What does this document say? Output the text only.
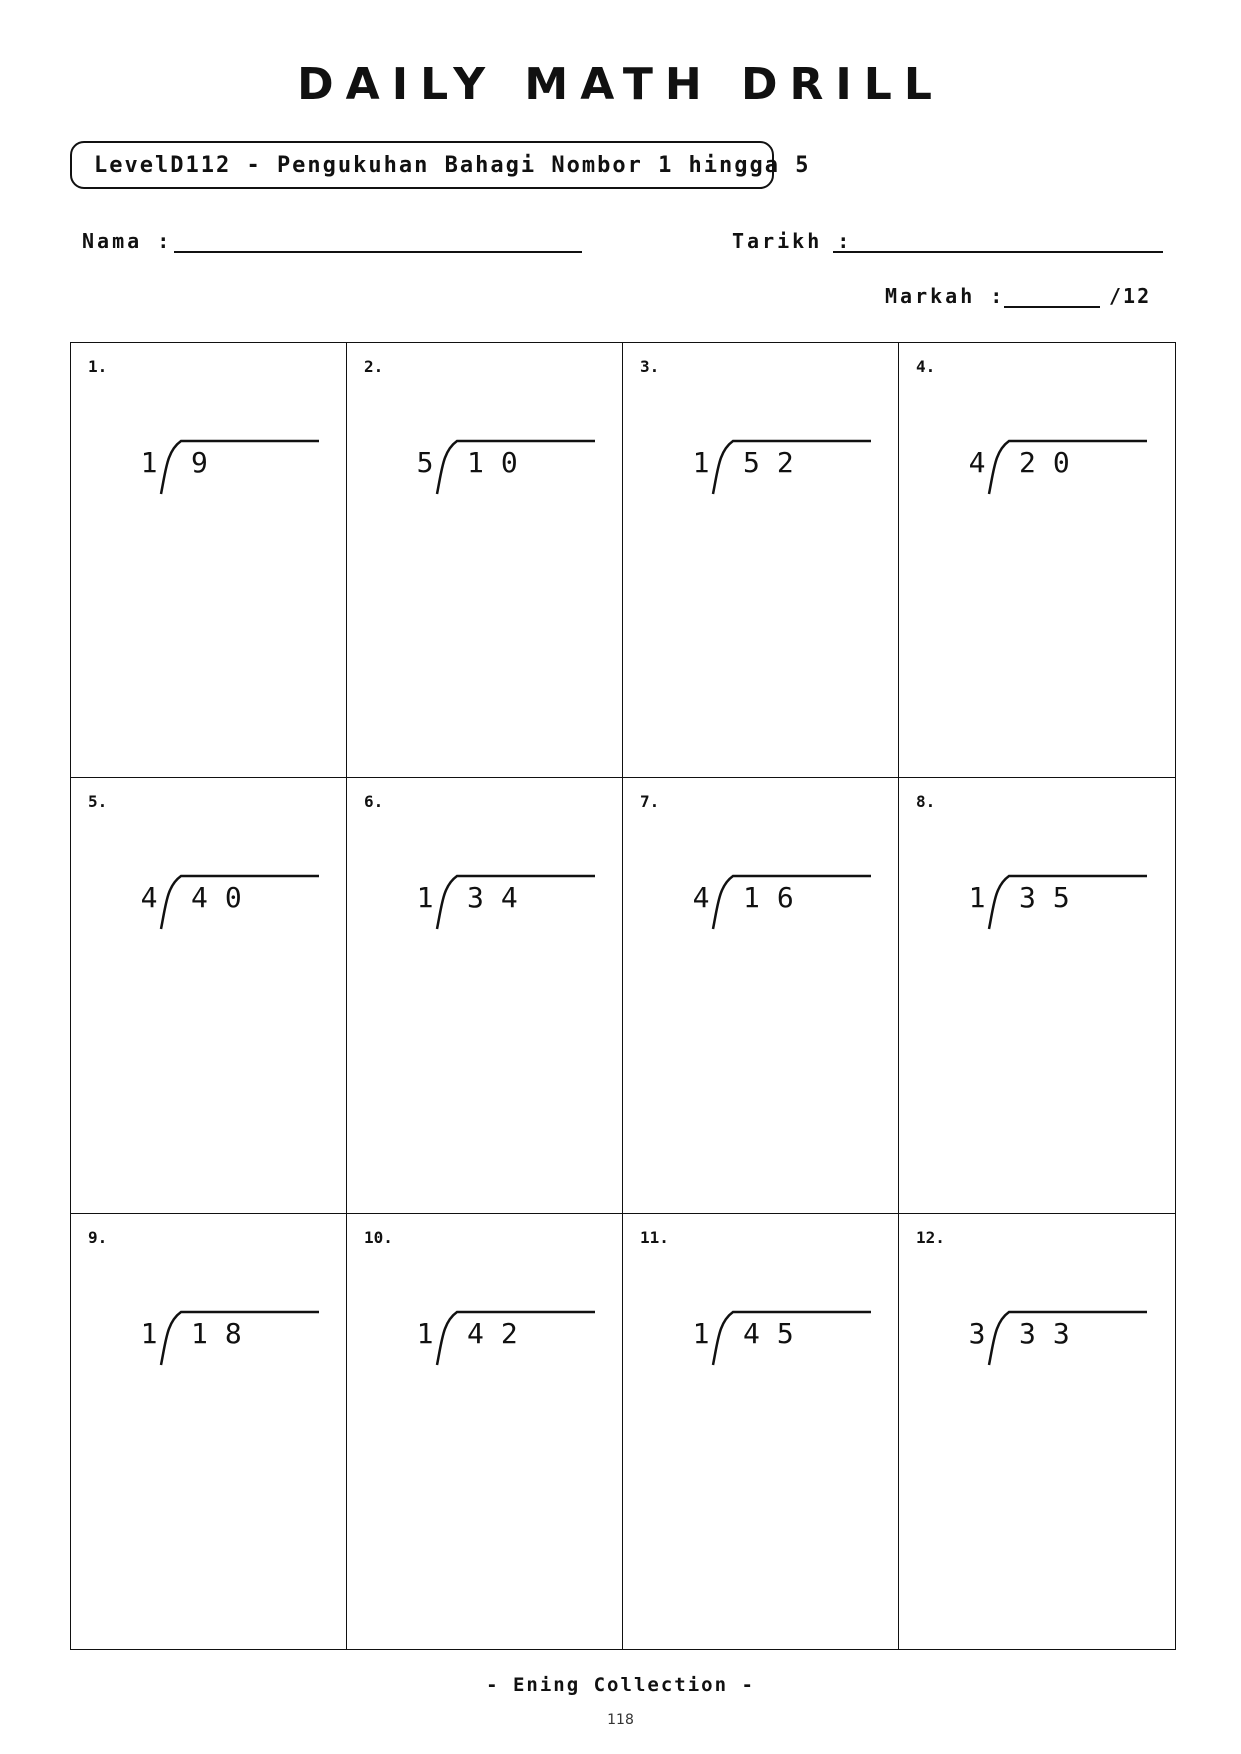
DAILY MATH DRILL
LevelD112 - Pengukuhan Bahagi Nombor 1 hingga 5
Nama :	Tarikh :
Markah :	/12
1.
1 9
2.
5 10
3.
1 52
4.
4 20
5.
4 40
6.
1 34
7.
4 16
8.
1 35
9.
1 18
10.
1 42
11.
1 45
12.
3 33
- Ening Collection -
118
